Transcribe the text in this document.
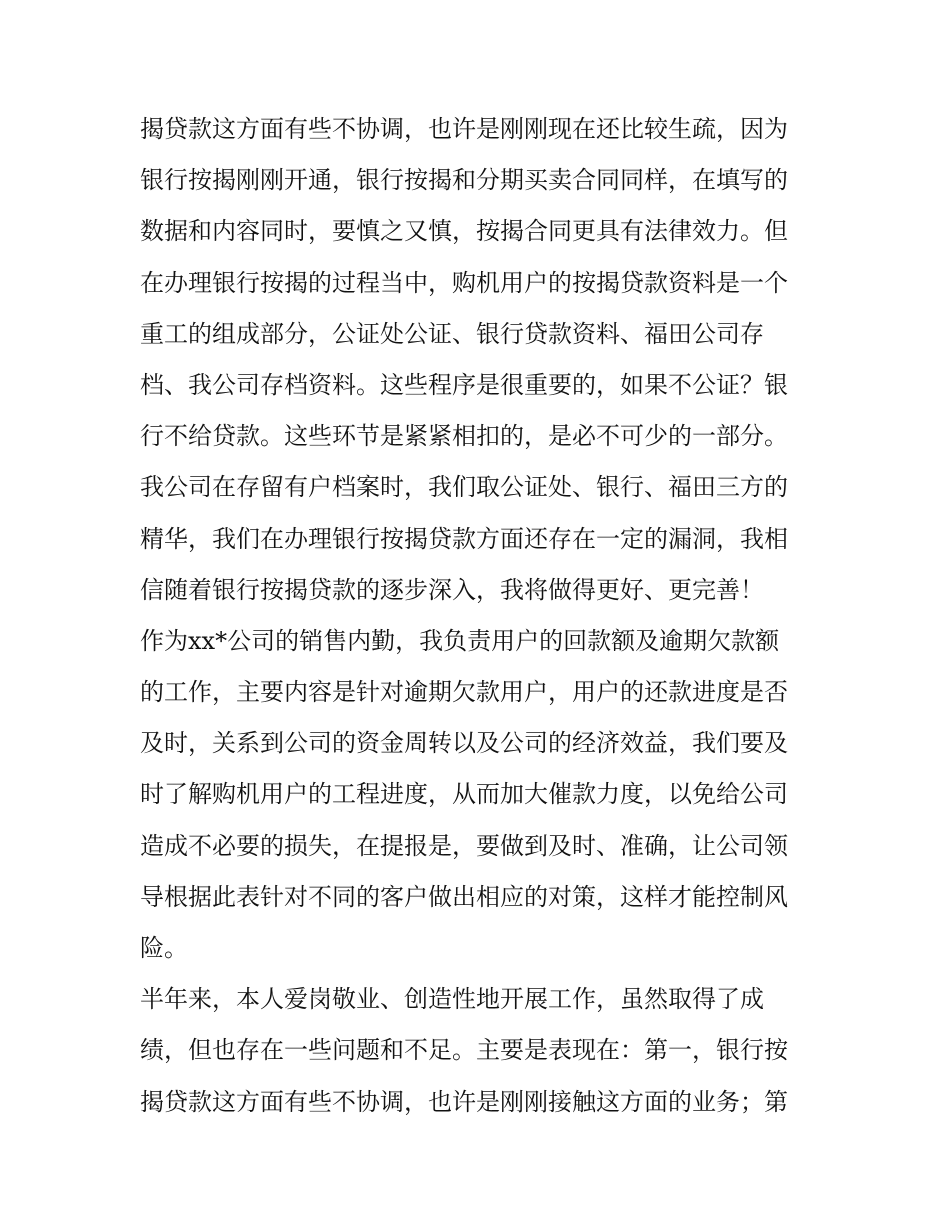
揭贷款这方面有些不协调，也许是刚刚现在还比较生疏，因为
银行按揭刚刚开通，银行按揭和分期买卖合同同样，在填写的
数据和内容同时，要慎之又慎，按揭合同更具有法律效力。但
在办理银行按揭的过程当中，购机用户的按揭贷款资料是一个
重工的组成部分，公证处公证、银行贷款资料、福田公司存
档、我公司存档资料。这些程序是很重要的，如果不公证？银
行不给贷款。这些环节是紧紧相扣的，是必不可少的一部分。
我公司在存留有户档案时，我们取公证处、银行、福田三方的
精华，我们在办理银行按揭贷款方面还存在一定的漏洞，我相
信随着银行按揭贷款的逐步深入，我将做得更好、更完善！
作为xx*公司的销售内勤，我负责用户的回款额及逾期欠款额
的工作，主要内容是针对逾期欠款用户，用户的还款进度是否
及时，关系到公司的资金周转以及公司的经济效益，我们要及
时了解购机用户的工程进度，从而加大催款力度，以免给公司
造成不必要的损失，在提报是，要做到及时、准确，让公司领
导根据此表针对不同的客户做出相应的对策，这样才能控制风
险。
半年来，本人爱岗敬业、创造性地开展工作，虽然取得了成
绩，但也存在一些问题和不足。主要是表现在：第一，银行按
揭贷款这方面有些不协调，也许是刚刚接触这方面的业务；第
